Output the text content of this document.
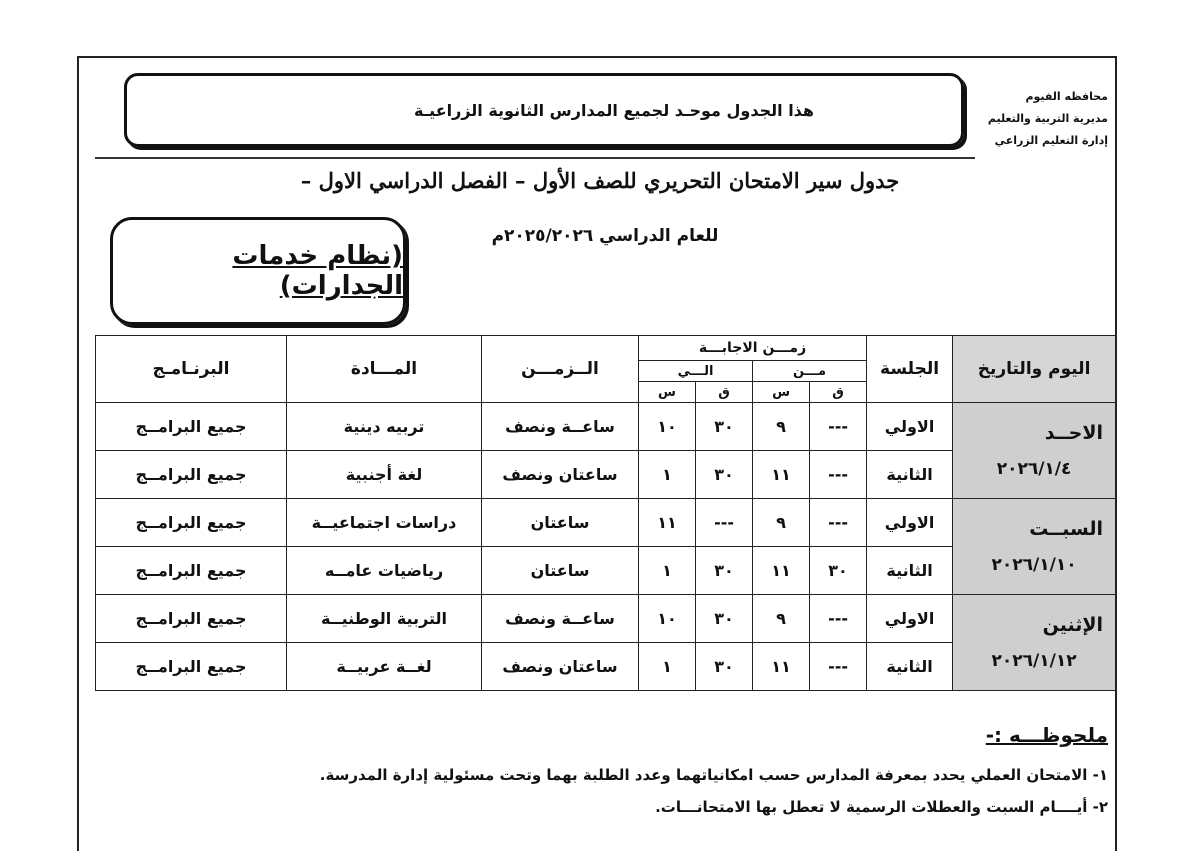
محافظه الفيوم
مديرية التربية والتعليم
إدارة التعليم الزراعي
هذا الجدول موحـد لجميع المدارس الثانوية الزراعيـة
جدول سير الامتحان التحريري للصف الأول – الفصل الدراسي الاول –
للعام الدراسي ٢٠٢٥/٢٠٢٦م
(نظام خدمات الجدارات)
اليوم والتاريخ	الجلسة	زمـــن الاجابـــة				الــزمـــن	المـــادة	البرنـامـج
		مـــن		الـــي				
		ق	س	ق	س			

الاحــد
٢٠٢٦/١/٤	الاولي	---	٩	٣٠	١٠	ساعــة ونصف	تربيه دينية	جميع البرامــج
	الثانية	---	١١	٣٠	١	ساعتان ونصف	لغة أجنبية	جميع البرامــج

السبــت
٢٠٢٦/١/١٠	الاولي	---	٩	---	١١	ساعتان	دراسات اجتماعيــة	جميع البرامــج
	الثانية	٣٠	١١	٣٠	١	ساعتان	رياضيات عامــه	جميع البرامــج

الإثنين
٢٠٢٦/١/١٢	الاولي	---	٩	٣٠	١٠	ساعــة ونصف	التربية الوطنيــة	جميع البرامــج
	الثانية	---	١١	٣٠	١	ساعتان ونصف	لغــة عربيــة	جميع البرامــج
ملحوظـــه :-
١- الامتحان العملي يحدد بمعرفة المدارس حسب امكانياتهما وعدد الطلبة بهما وتحت مسئولية إدارة المدرسة.
٢- أيــــام السبت والعطلات الرسمية لا تعطل بها الامتحانـــات.
